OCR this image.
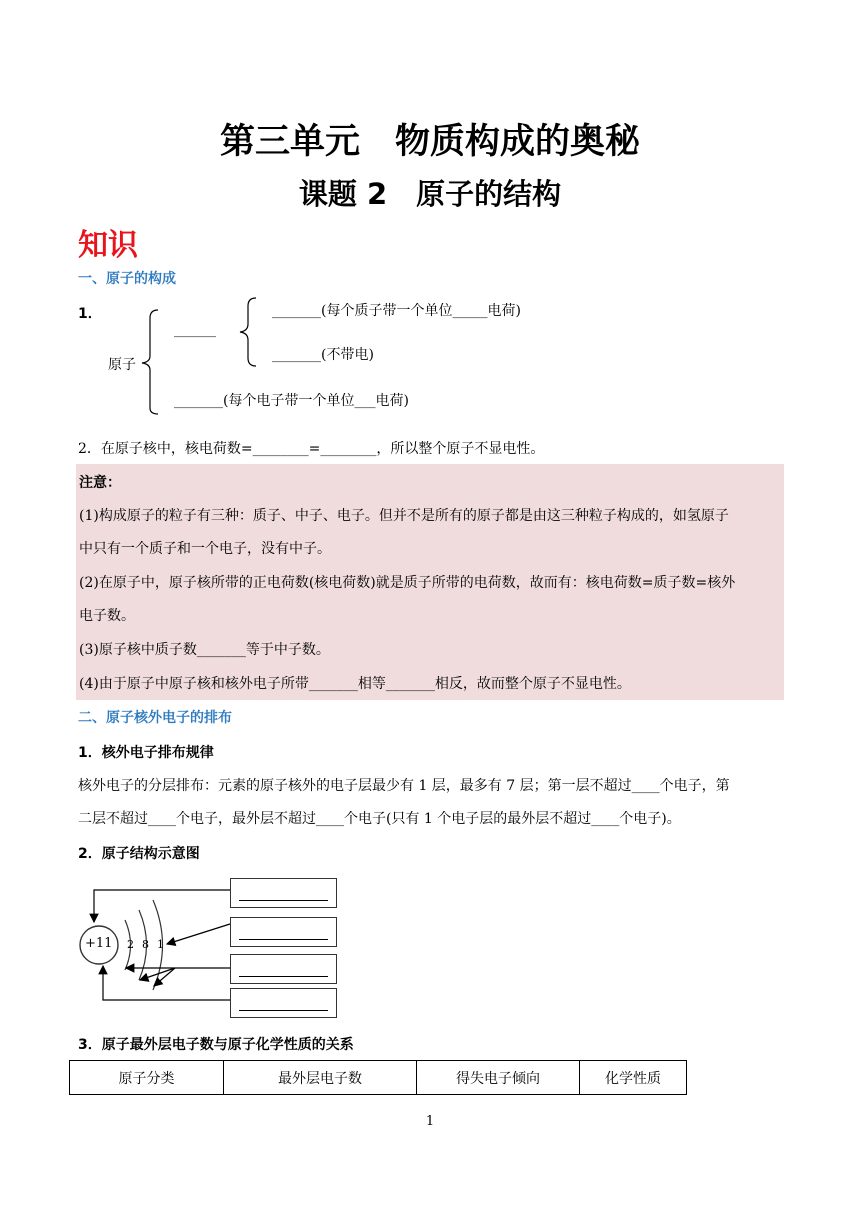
第三单元　物质构成的奥秘
课题 2　原子的结构
知识
一、原子的构成
1．
原子
______
_______(每个质子带一个单位_____电荷)
_______(不带电)
_______(每个电子带一个单位___电荷)
2．在原子核中，核电荷数=________=________，所以整个原子不显电性。
注意：
(1)构成原子的粒子有三种：质子、中子、电子。但并不是所有的原子都是由这三种粒子构成的，如氢原子
中只有一个质子和一个电子，没有中子。
(2)在原子中，原子核所带的正电荷数(核电荷数)就是质子所带的电荷数，故而有：核电荷数=质子数=核外
电子数。
(3)原子核中质子数_______等于中子数。
(4)由于原子中原子核和核外电子所带_______相等_______相反，故而整个原子不显电性。
二、原子核外电子的排布
1．核外电子排布规律
核外电子的分层排布：元素的原子核外的电子层最少有 1 层，最多有 7 层；第一层不超过____个电子，第
二层不超过____个电子，最外层不超过____个电子(只有 1 个电子层的最外层不超过____个电子)。
2．原子结构示意图
+11 2 8 1
3．原子最外层电子数与原子化学性质的关系
原子分类	最外层电子数	得失电子倾向	化学性质
1
